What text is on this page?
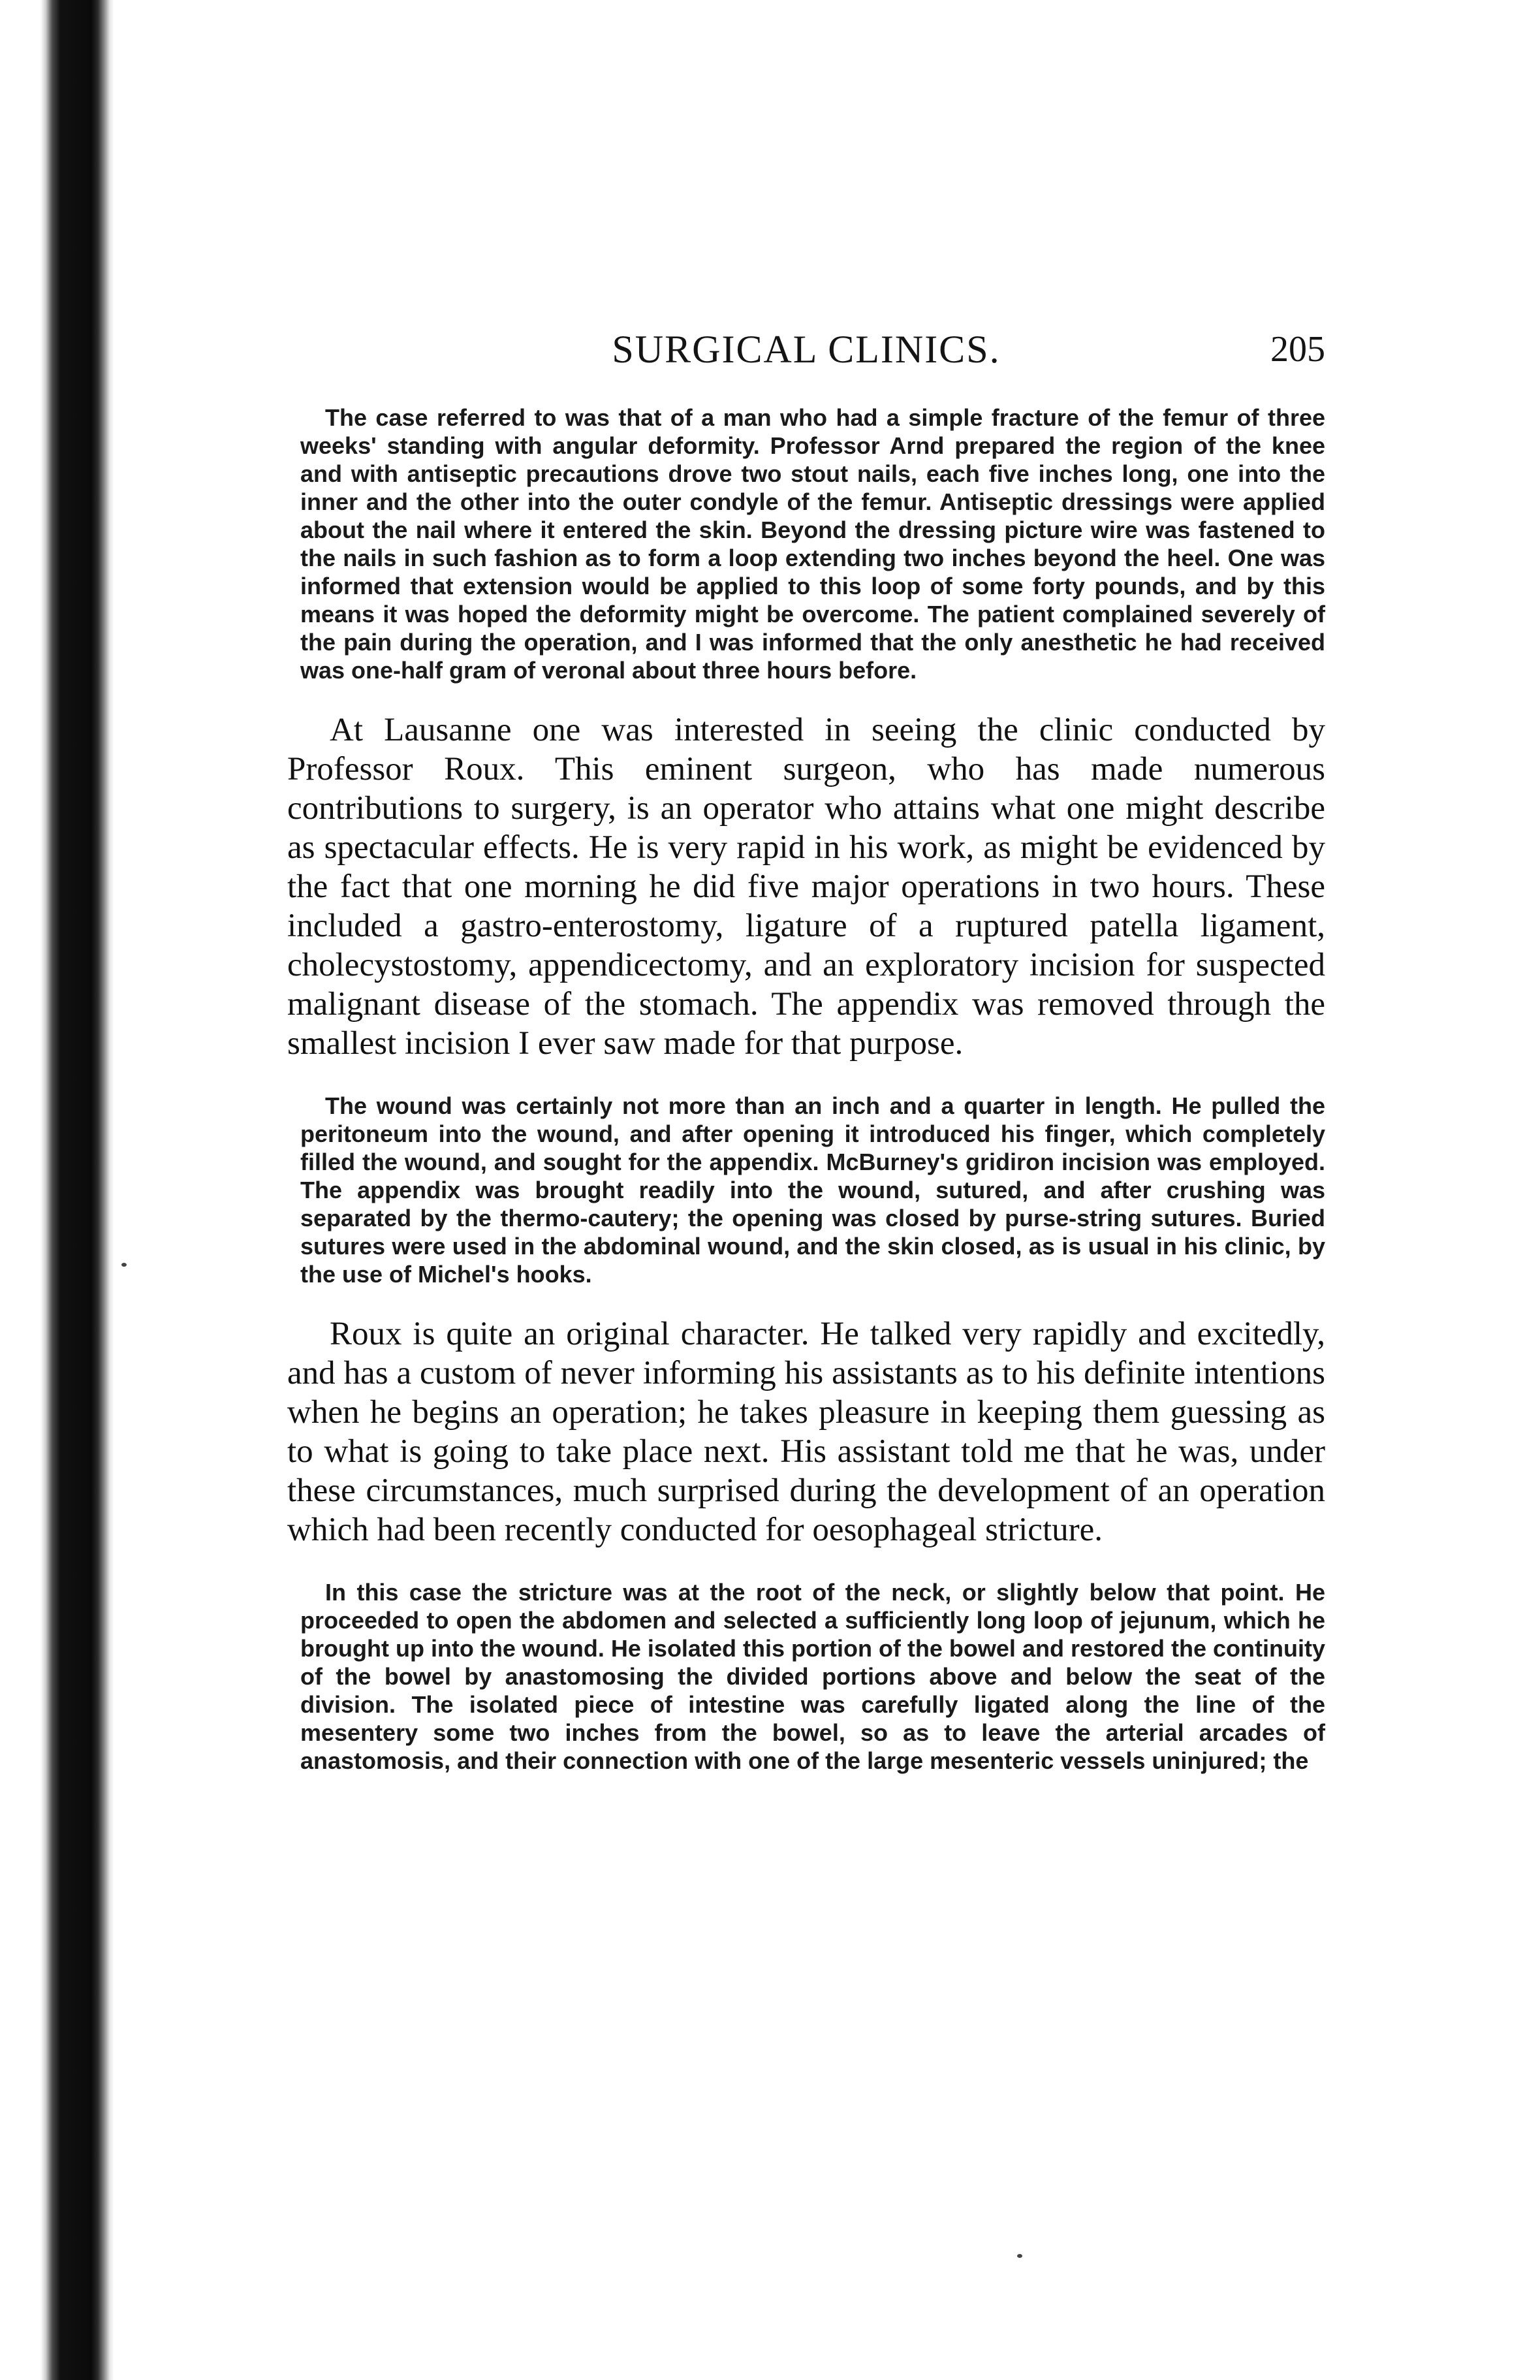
SURGICAL CLINICS.	205

The case referred to was that of a man who had a simple fracture of the femur of three weeks' standing with angular deformity. Professor Arnd prepared the region of the knee and with antiseptic precautions drove two stout nails, each five inches long, one into the inner and the other into the outer condyle of the femur. Antiseptic dressings were applied about the nail where it entered the skin. Beyond the dressing picture wire was fastened to the nails in such fashion as to form a loop extending two inches beyond the heel. One was informed that extension would be applied to this loop of some forty pounds, and by this means it was hoped the deformity might be overcome. The patient complained severely of the pain during the operation, and I was informed that the only anesthetic he had received was one-half gram of veronal about three hours before.

At Lausanne one was interested in seeing the clinic conducted by Professor Roux. This eminent surgeon, who has made numerous contributions to surgery, is an operator who attains what one might describe as spectacular effects. He is very rapid in his work, as might be evidenced by the fact that one morning he did five major operations in two hours. These included a gastro-enterostomy, ligature of a ruptured patella ligament, cholecystostomy, appendicectomy, and an exploratory incision for suspected malignant disease of the stomach. The appendix was removed through the smallest incision I ever saw made for that purpose.

The wound was certainly not more than an inch and a quarter in length. He pulled the peritoneum into the wound, and after opening it introduced his finger, which completely filled the wound, and sought for the appendix. McBurney's gridiron incision was employed. The appendix was brought readily into the wound, sutured, and after crushing was separated by the thermo-cautery; the opening was closed by purse-string sutures. Buried sutures were used in the abdominal wound, and the skin closed, as is usual in his clinic, by the use of Michel's hooks.

Roux is quite an original character. He talked very rapidly and excitedly, and has a custom of never informing his assistants as to his definite intentions when he begins an operation; he takes pleasure in keeping them guessing as to what is going to take place next. His assistant told me that he was, under these circumstances, much surprised during the development of an operation which had been recently conducted for oesophageal stricture.

In this case the stricture was at the root of the neck, or slightly below that point. He proceeded to open the abdomen and selected a sufficiently long loop of jejunum, which he brought up into the wound. He isolated this portion of the bowel and restored the continuity of the bowel by anastomosing the divided portions above and below the seat of the division. The isolated piece of intestine was carefully ligated along the line of the mesentery some two inches from the bowel, so as to leave the arterial arcades of anastomosis, and their connection with one of the large mesenteric vessels uninjured; the
